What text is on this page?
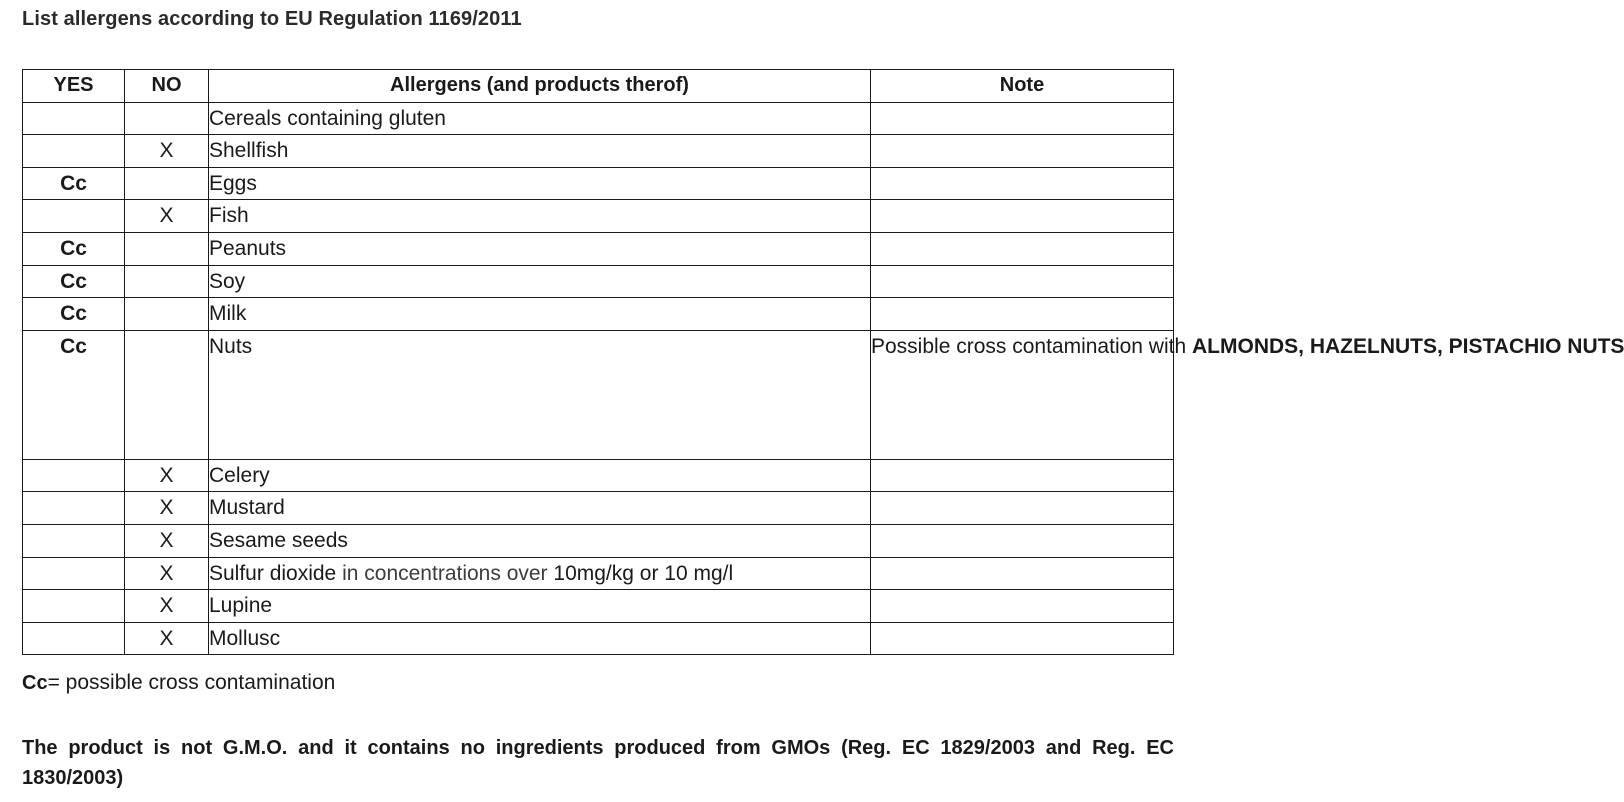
List allergens according to EU Regulation 1169/2011
YES	NO	Allergens (and products therof)	Note
		Cereals containing gluten	
	X	Shellfish	
Cc		Eggs	
	X	Fish	
Cc		Peanuts	
Cc		Soy	
Cc		Milk	
Cc		Nuts	Possible cross contamination with ALMONDS, HAZELNUTS, PISTACHIO NUTS
	X	Celery	
	X	Mustard	
	X	Sesame seeds	
	X	Sulfur dioxide in concentrations over 10mg/kg or 10 mg/l	
	X	Lupine	
	X	Mollusc	
Cc= possible cross contamination
The product is not G.M.O. and it contains no ingredients produced from GMOs (Reg. EC 1829/2003 and Reg. EC 1830/2003)
